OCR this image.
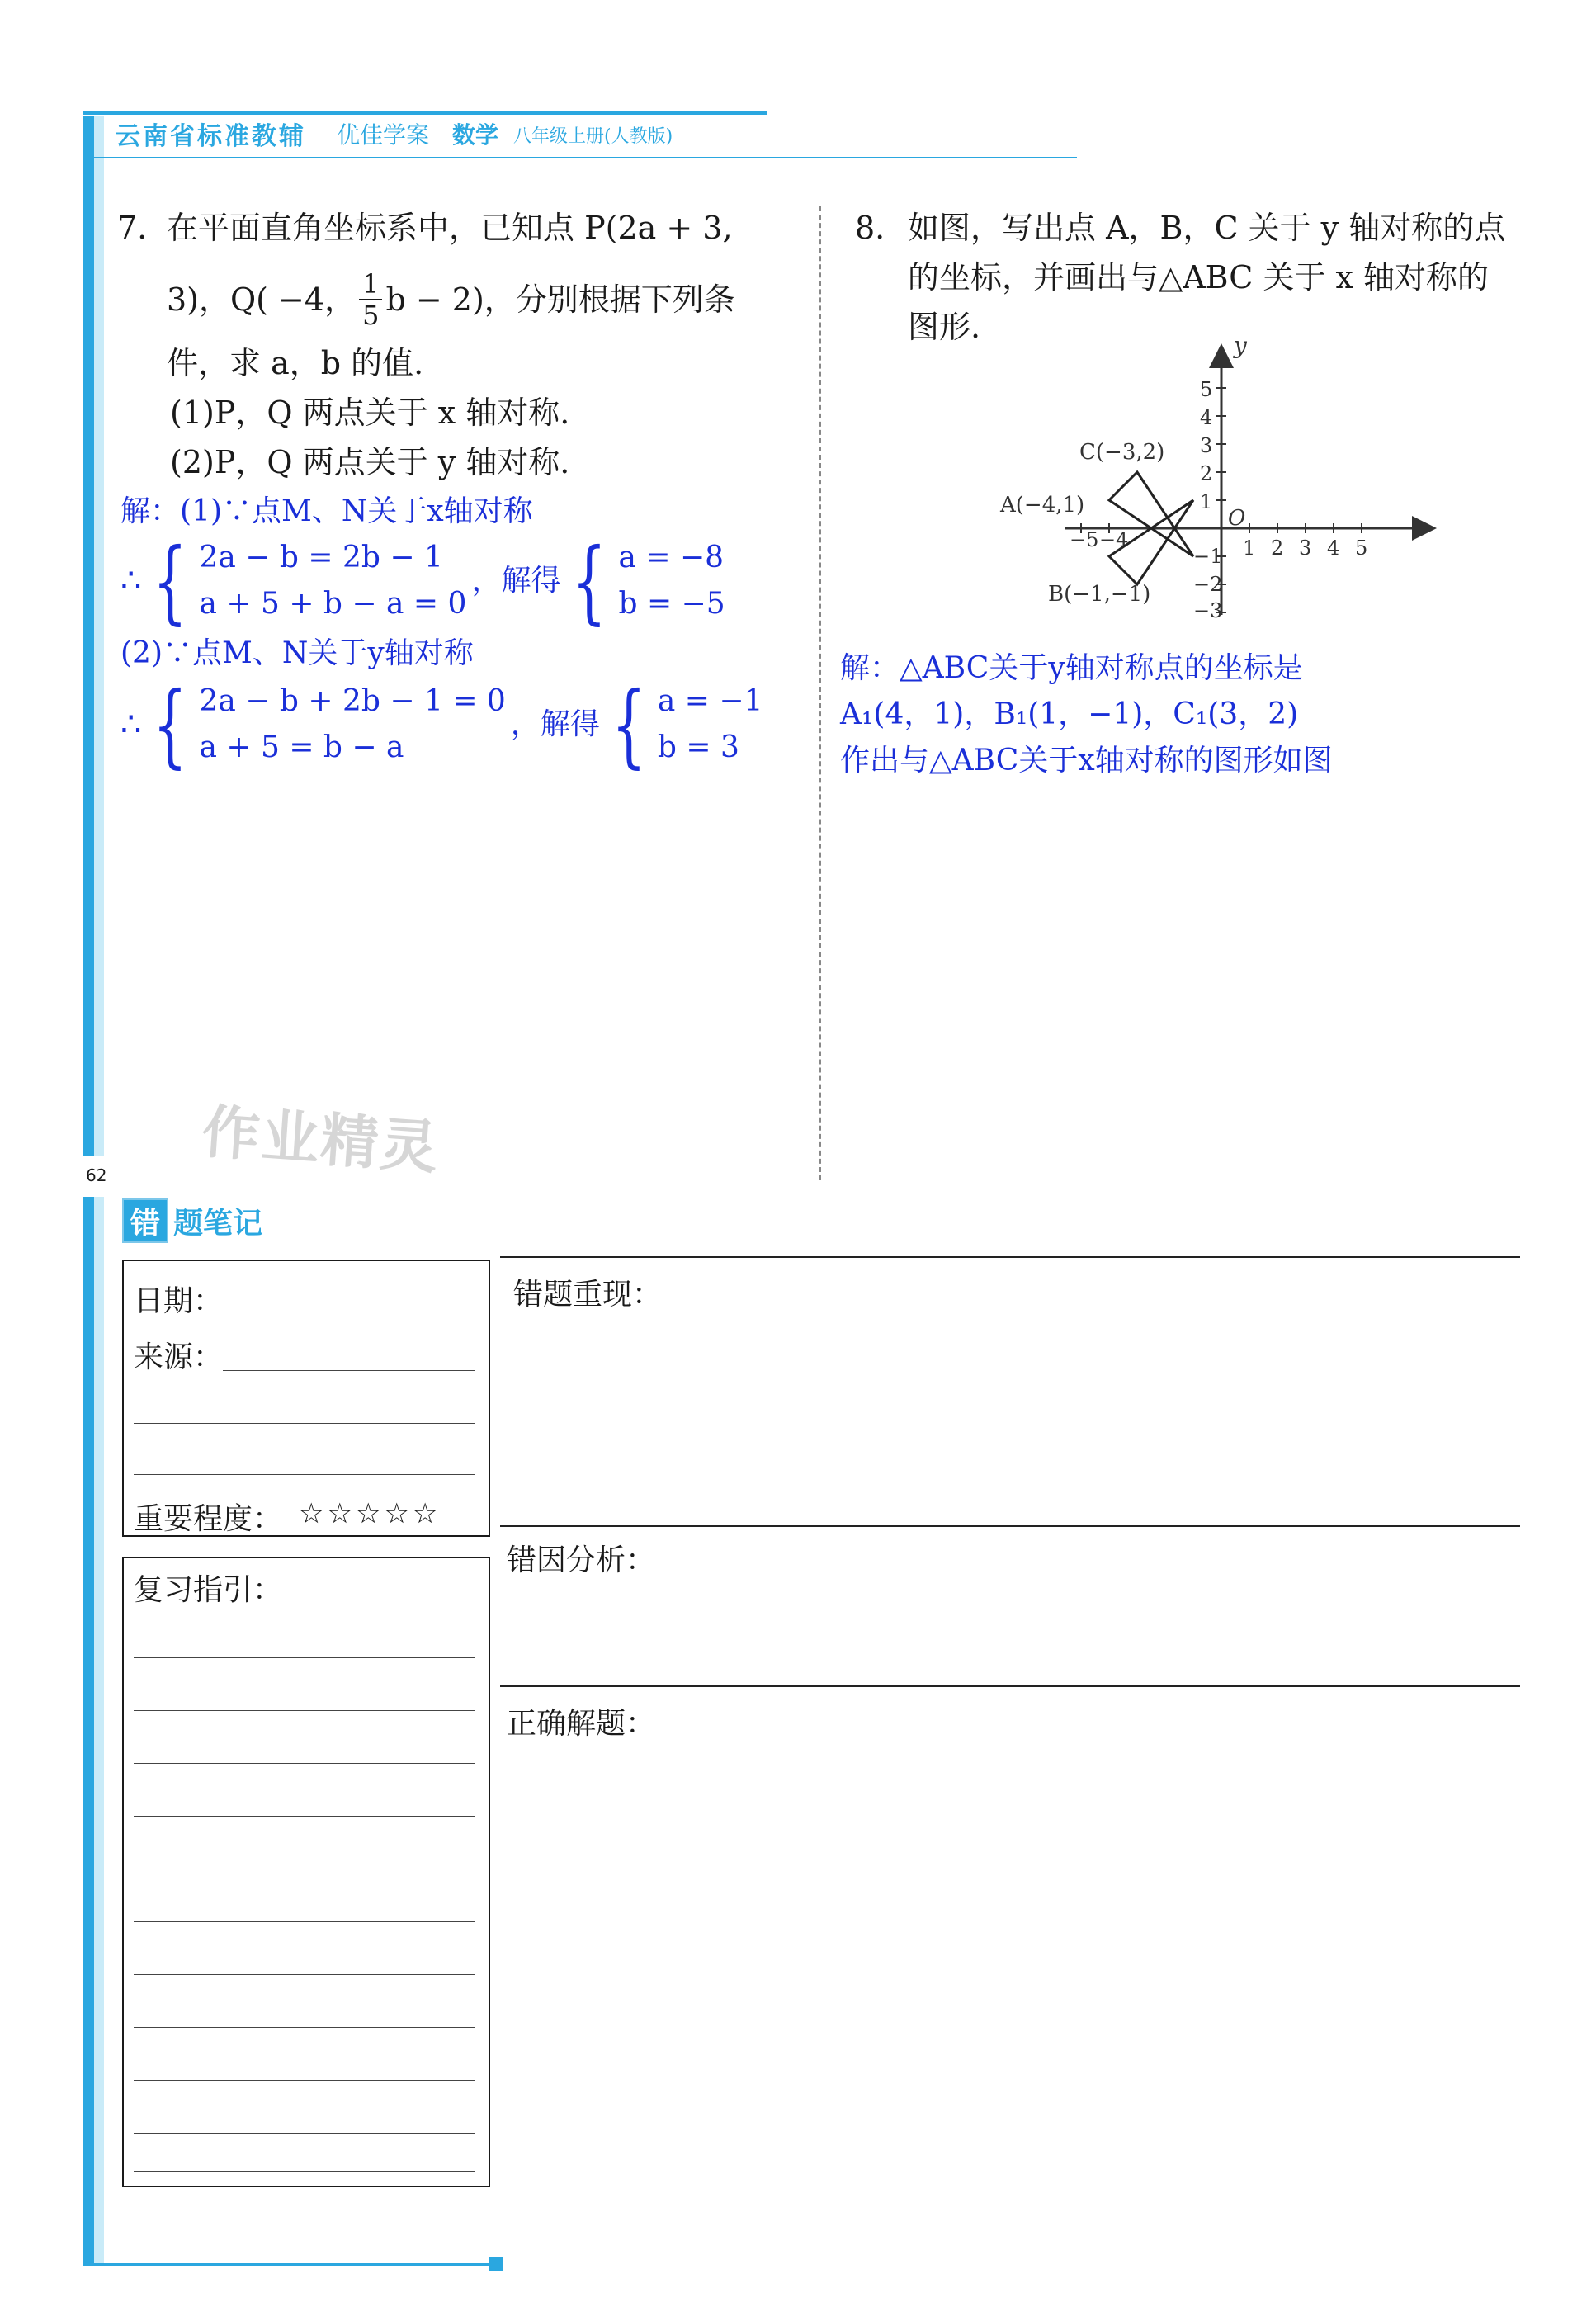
云南省标准教辅 优佳学案 数学 八年级上册(人教版)
7. 在平面直角坐标系中，已知点 P(2a + 3,
3)，Q( −4， $\frac{1}{5}$ b − 2)，分别根据下列条
件，求 a，b 的值.
(1)P，Q 两点关于 x 轴对称.
(2)P，Q 两点关于 y 轴对称.
解：(1)∵点M、N关于x轴对称
∴ { 2a − b = 2b − 1
a + 5 + b − a = 0
，解得 { a = −8
b = −5
(2)∵点M、N关于y轴对称
∴ { 2a − b + 2b − 1 = 0
a + 5 = b − a
，解得 { a = −1
b = 3
8. 如图，写出点 A，B，C 关于 y 轴对称的点
的坐标，并画出与△ABC 关于 x 轴对称的
图形.
y
O
1 2 3 4 5
−5 −4
5
4
3
2
1
−1
−2
−3
C(−3,2)
A(−4,1)
B(−1,−1)
解：△ABC关于y轴对称点的坐标是
A₁(4，1)，B₁(1，−1)，C₁(3，2)
作出与△ABC关于x轴对称的图形如图
作业精灵
62
错 题笔记
日期：
来源：
重要程度： ☆☆☆☆☆
复习指引：
错题重现：
错因分析：
正确解题：
